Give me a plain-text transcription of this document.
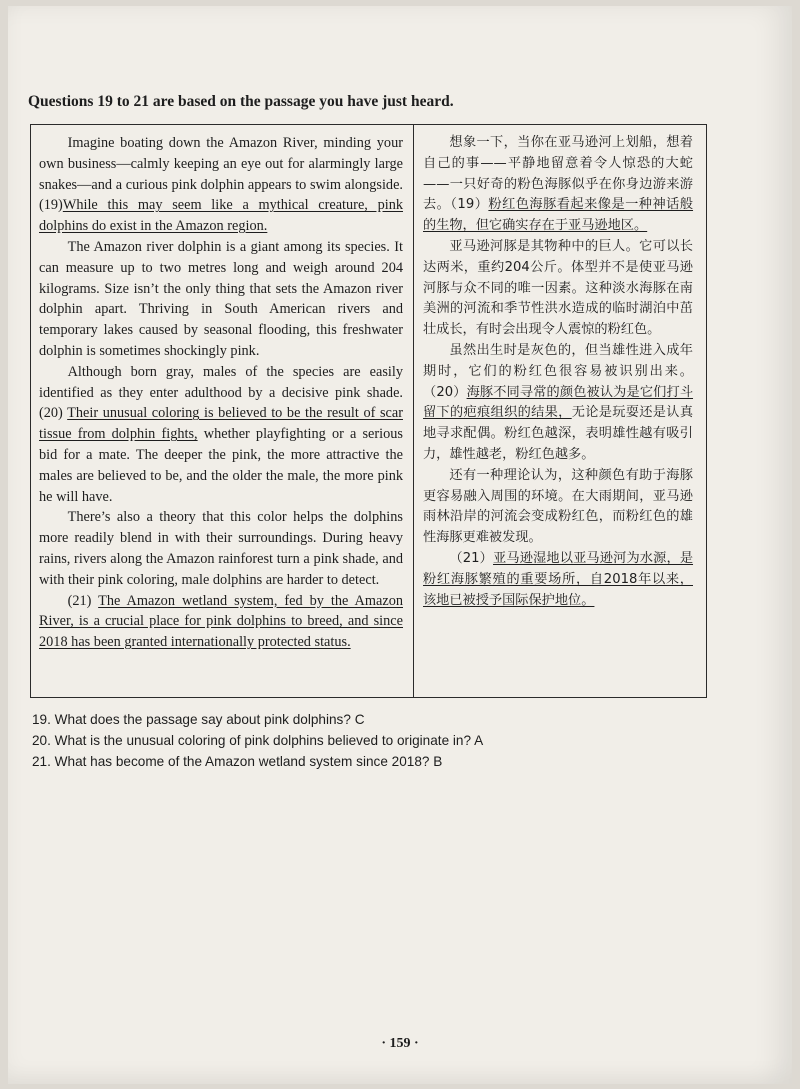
Questions 19 to 21 are based on the passage you have just heard.

Imagine boating down the Amazon River, minding your own business—calmly keeping an eye out for alarmingly large snakes—and a curious pink dolphin appears to swim alongside.(19)While this may seem like a mythical creature, pink dolphins do exist in the Amazon region.

The Amazon river dolphin is a giant among its species. It can measure up to two metres long and weigh around 204 kilograms. Size isn’t the only thing that sets the Amazon river dolphin apart. Thriving in South American rivers and temporary lakes caused by seasonal flooding, this freshwater dolphin is sometimes shockingly pink.

Although born gray, males of the species are easily identified as they enter adulthood by a decisive pink shade. (20) Their unusual coloring is believed to be the result of scar tissue from dolphin fights, whether playfighting or a serious bid for a mate. The deeper the pink, the more attractive the males are believed to be, and the older the male, the more pink he will have.

There’s also a theory that this color helps the dolphins more readily blend in with their surroundings. During heavy rains, rivers along the Amazon rainforest turn a pink shade, and with their pink coloring, male dolphins are harder to detect.

(21) The Amazon wetland system, fed by the Amazon River, is a crucial place for pink dolphins to breed, and since 2018 has been granted internationally protected status.

想象一下，当你在亚马逊河上划船，想着自己的事——平静地留意着令人惊恐的大蛇——一只好奇的粉色海豚似乎在你身边游来游去。（19）粉红色海豚看起来像是一种神话般的生物，但它确实存在于亚马逊地区。

亚马逊河豚是其物种中的巨人。它可以长达两米，重约204公斤。体型并不是使亚马逊河豚与众不同的唯一因素。这种淡水海豚在南美洲的河流和季节性洪水造成的临时湖泊中茁壮成长，有时会出现令人震惊的粉红色。

虽然出生时是灰色的，但当雄性进入成年期时，它们的粉红色很容易被识别出来。（20）海豚不同寻常的颜色被认为是它们打斗留下的疤痕组织的结果，无论是玩耍还是认真地寻求配偶。粉红色越深，表明雄性越有吸引力，雄性越老，粉红色越多。

还有一种理论认为，这种颜色有助于海豚更容易融入周围的环境。在大雨期间，亚马逊雨林沿岸的河流会变成粉红色，而粉红色的雄性海豚更难被发现。

（21）亚马逊湿地以亚马逊河为水源，是粉红海豚繁殖的重要场所，自2018年以来，该地已被授予国际保护地位。

19. What does the passage say about pink dolphins? C
20. What is the unusual coloring of pink dolphins believed to originate in? A
21. What has become of the Amazon wetland system since 2018? B
· 159 ·
